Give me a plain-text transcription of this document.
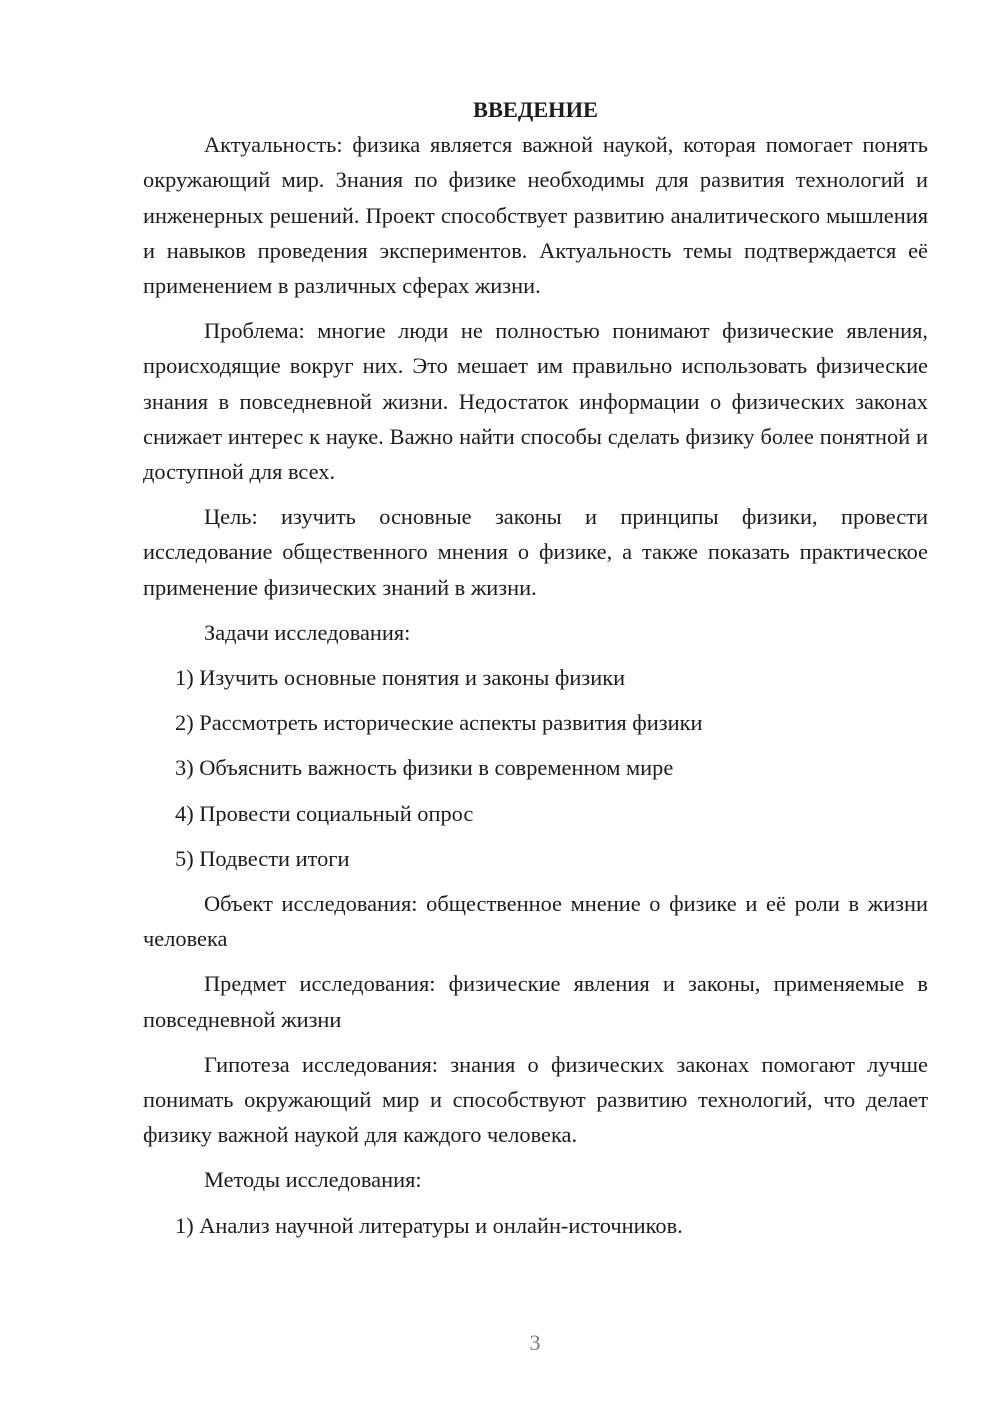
ВВЕДЕНИЕ

Актуальность: физика является важной наукой, которая помогает понять окружающий мир. Знания по физике необходимы для развития технологий и инженерных решений. Проект способствует развитию аналитического мышления и навыков проведения экспериментов. Актуальность темы подтверждается её применением в различных сферах жизни.

Проблема: многие люди не полностью понимают физические явления, происходящие вокруг них. Это мешает им правильно использовать физические знания в повседневной жизни. Недостаток информации о физических законах снижает интерес к науке. Важно найти способы сделать физику более понятной и доступной для всех.

Цель: изучить основные законы и принципы физики, провести исследование общественного мнения о физике, а также показать практическое применение физических знаний в жизни.

Задачи исследования:

1) Изучить основные понятия и законы физики
2) Рассмотреть исторические аспекты развития физики
3) Объяснить важность физики в современном мире
4) Провести социальный опрос
5) Подвести итоги

Объект исследования: общественное мнение о физике и её роли в жизни человека

Предмет исследования: физические явления и законы, применяемые в повседневной жизни

Гипотеза исследования: знания о физических законах помогают лучше понимать окружающий мир и способствуют развитию технологий, что делает физику важной наукой для каждого человека.

Методы исследования:

1) Анализ научной литературы и онлайн-источников.
3
